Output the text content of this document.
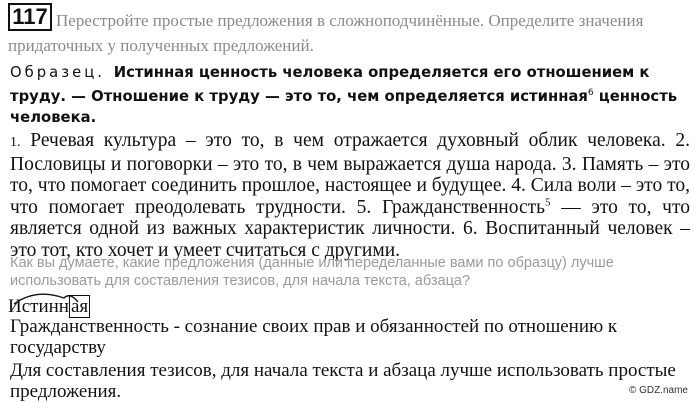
117 Перестройте простые предложения в сложноподчинённые. Определите значения
придаточных у полученных предложений.
Образец. Истинная ценность человека определяется его отношением к труду. — Отношение к труду — это то, чем определяется истинная$^6$ ценность человека.
1. Речевая культура – это то, в чем отражается духовный облик человека. 2. Пословицы и поговорки – это то, в чем выражается душа народа. 3. Память – это то, что помогает соединить прошлое, настоящее и будущее. 4. Сила воли – это то, что помогает преодолевать трудности. 5. Гражданственность$^5$ — это то, что является одной из важных характеристик личности. 6. Воспитанный человек – это тот, кто хочет и умеет считаться с другими.
Как вы думаете, какие предложения (данные или переделанные вами по образцу) лучше использовать для составления тезисов, для начала текста, абзаца?
Истинн ая
Гражданственность - сознание своих прав и обязанностей по отношению к государству
Для составления тезисов, для начала текста и абзаца лучше использовать простые предложения.	© GDZ.name
